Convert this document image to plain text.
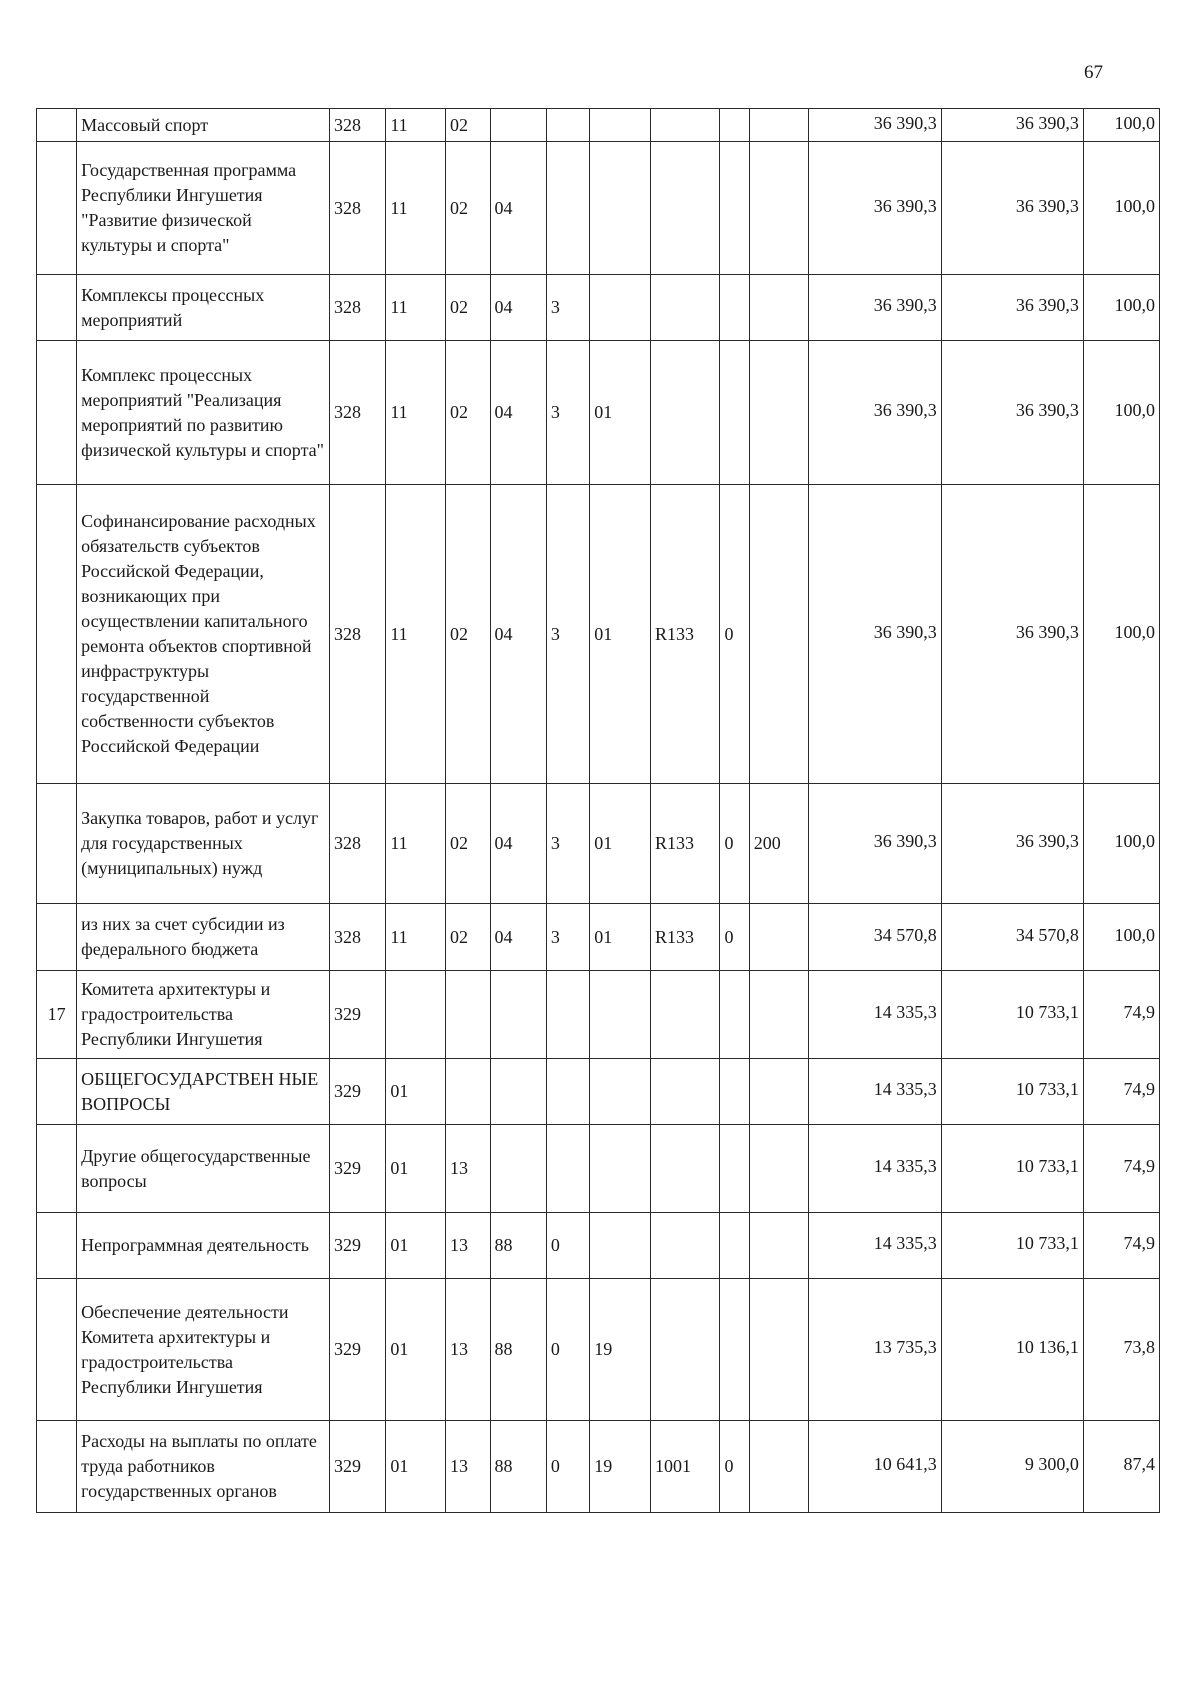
67
	Массовый спорт	328	11	02							36 390,3	36 390,3	100,0
	Государственная программа Республики Ингушетия "Развитие физической культуры и спорта"	328	11	02	04						36 390,3	36 390,3	100,0
	Комплексы процессных мероприятий	328	11	02	04	3					36 390,3	36 390,3	100,0
	Комплекс процессных мероприятий "Реализация мероприятий по развитию физической культуры и спорта"	328	11	02	04	3	01				36 390,3	36 390,3	100,0
	Софинансирование расходных обязательств субъектов Российской Федерации, возникающих при осуществлении капитального ремонта объектов спортивной инфраструктуры государственной собственности субъектов Российской Федерации	328	11	02	04	3	01	R133	0		36 390,3	36 390,3	100,0
	Закупка товаров, работ и услуг для государственных (муниципальных) нужд	328	11	02	04	3	01	R133	0	200	36 390,3	36 390,3	100,0
	из них за счет субсидии из федерального бюджета	328	11	02	04	3	01	R133	0		34 570,8	34 570,8	100,0
17	Комитета архитектуры и градостроительства Республики Ингушетия	329									14 335,3	10 733,1	74,9
	ОБЩЕГОСУДАРСТВЕН НЫЕ ВОПРОСЫ	329	01								14 335,3	10 733,1	74,9
	Другие общегосударственные вопросы	329	01	13							14 335,3	10 733,1	74,9
	Непрограммная деятельность	329	01	13	88	0					14 335,3	10 733,1	74,9
	Обеспечение деятельности Комитета архитектуры и градостроительства Республики Ингушетия	329	01	13	88	0	19				13 735,3	10 136,1	73,8
	Расходы на выплаты по оплате труда работников государственных органов	329	01	13	88	0	19	1001	0		10 641,3	9 300,0	87,4
